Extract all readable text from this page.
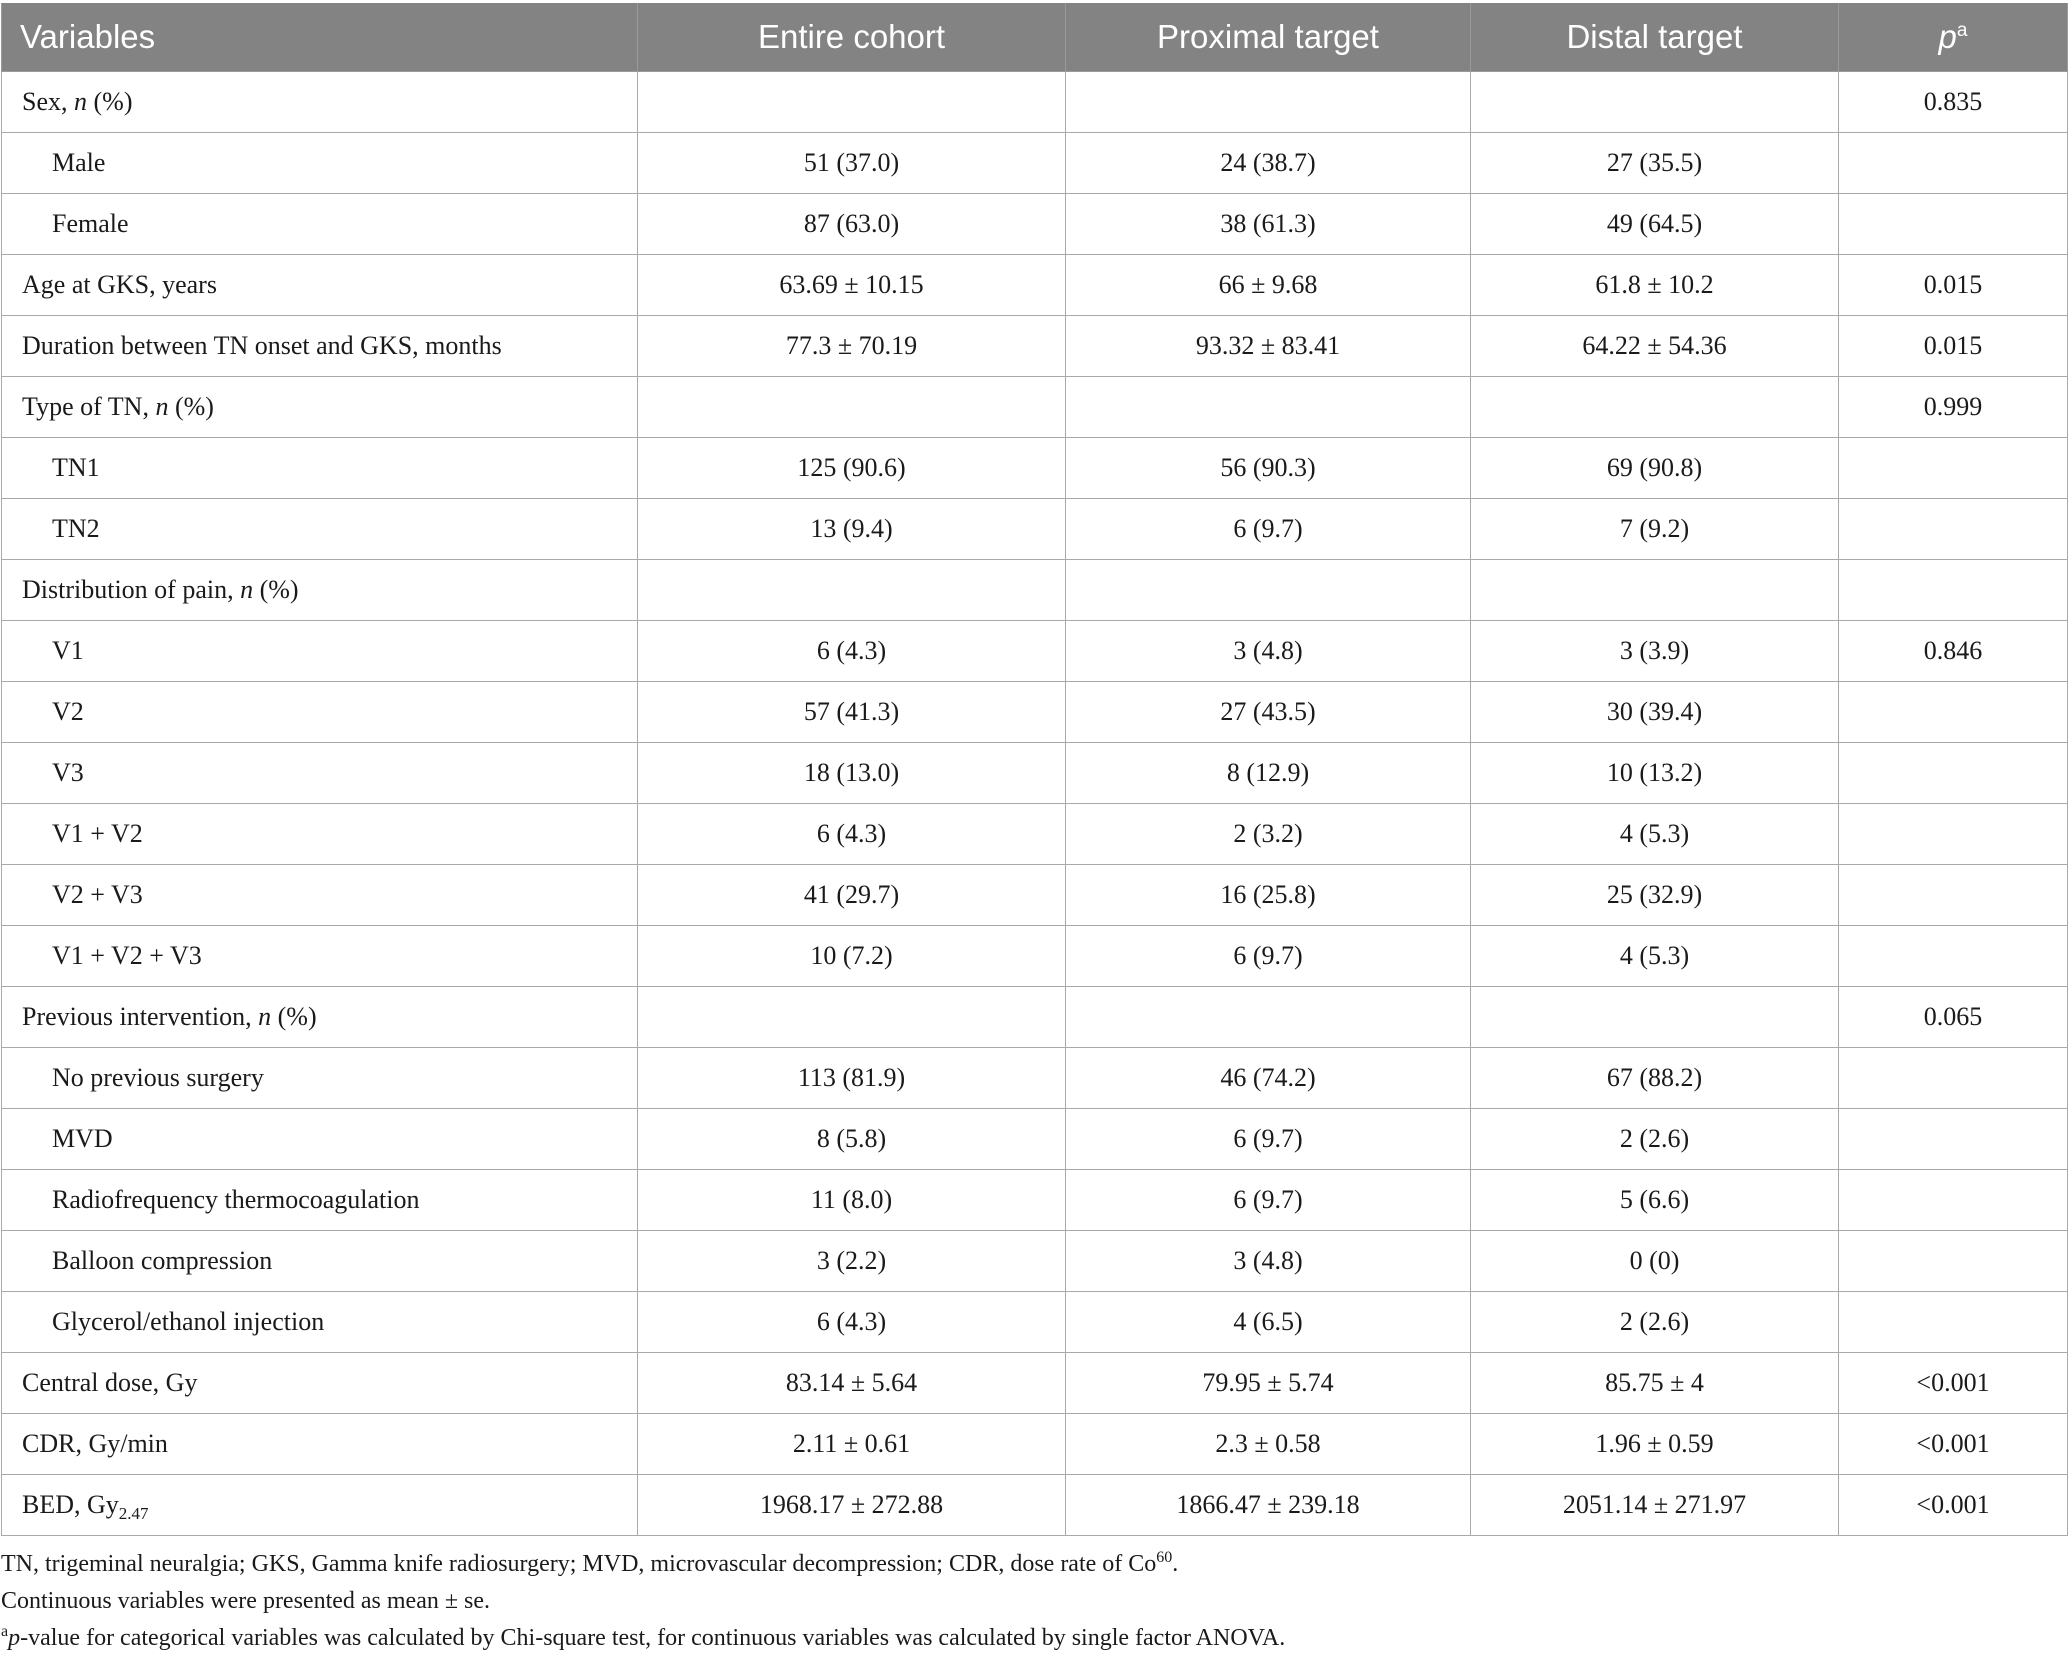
Variables	Entire cohort	Proximal target	Distal target	$p^a$
Sex, n (%)				0.835
Male	51 (37.0)	24 (38.7)	27 (35.5)	
Female	87 (63.0)	38 (61.3)	49 (64.5)	
Age at GKS, years	63.69 ± 10.15	66 ± 9.68	61.8 ± 10.2	0.015
Duration between TN onset and GKS, months	77.3 ± 70.19	93.32 ± 83.41	64.22 ± 54.36	0.015
Type of TN, n (%)				0.999
TN1	125 (90.6)	56 (90.3)	69 (90.8)	
TN2	13 (9.4)	6 (9.7)	7 (9.2)	
Distribution of pain, n (%)				
V1	6 (4.3)	3 (4.8)	3 (3.9)	0.846
V2	57 (41.3)	27 (43.5)	30 (39.4)	
V3	18 (13.0)	8 (12.9)	10 (13.2)	
V1 + V2	6 (4.3)	2 (3.2)	4 (5.3)	
V2 + V3	41 (29.7)	16 (25.8)	25 (32.9)	
V1 + V2 + V3	10 (7.2)	6 (9.7)	4 (5.3)	
Previous intervention, n (%)				0.065
No previous surgery	113 (81.9)	46 (74.2)	67 (88.2)	
MVD	8 (5.8)	6 (9.7)	2 (2.6)	
Radiofrequency thermocoagulation	11 (8.0)	6 (9.7)	5 (6.6)	
Balloon compression	3 (2.2)	3 (4.8)	0 (0)	
Glycerol/ethanol injection	6 (4.3)	4 (6.5)	2 (2.6)	
Central dose, Gy	83.14 ± 5.64	79.95 ± 5.74	85.75 ± 4	<0.001
CDR, Gy/min	2.11 ± 0.61	2.3 ± 0.58	1.96 ± 0.59	<0.001
BED, $Gy_{2.47}$	1968.17 ± 272.88	1866.47 ± 239.18	2051.14 ± 271.97	<0.001

TN, trigeminal neuralgia; GKS, Gamma knife radiosurgery; MVD, microvascular decompression; CDR, dose rate of Co$^{60}$.

Continuous variables were presented as mean ± se.

$^a$p-value for categorical variables was calculated by Chi-square test, for continuous variables was calculated by single factor ANOVA.
